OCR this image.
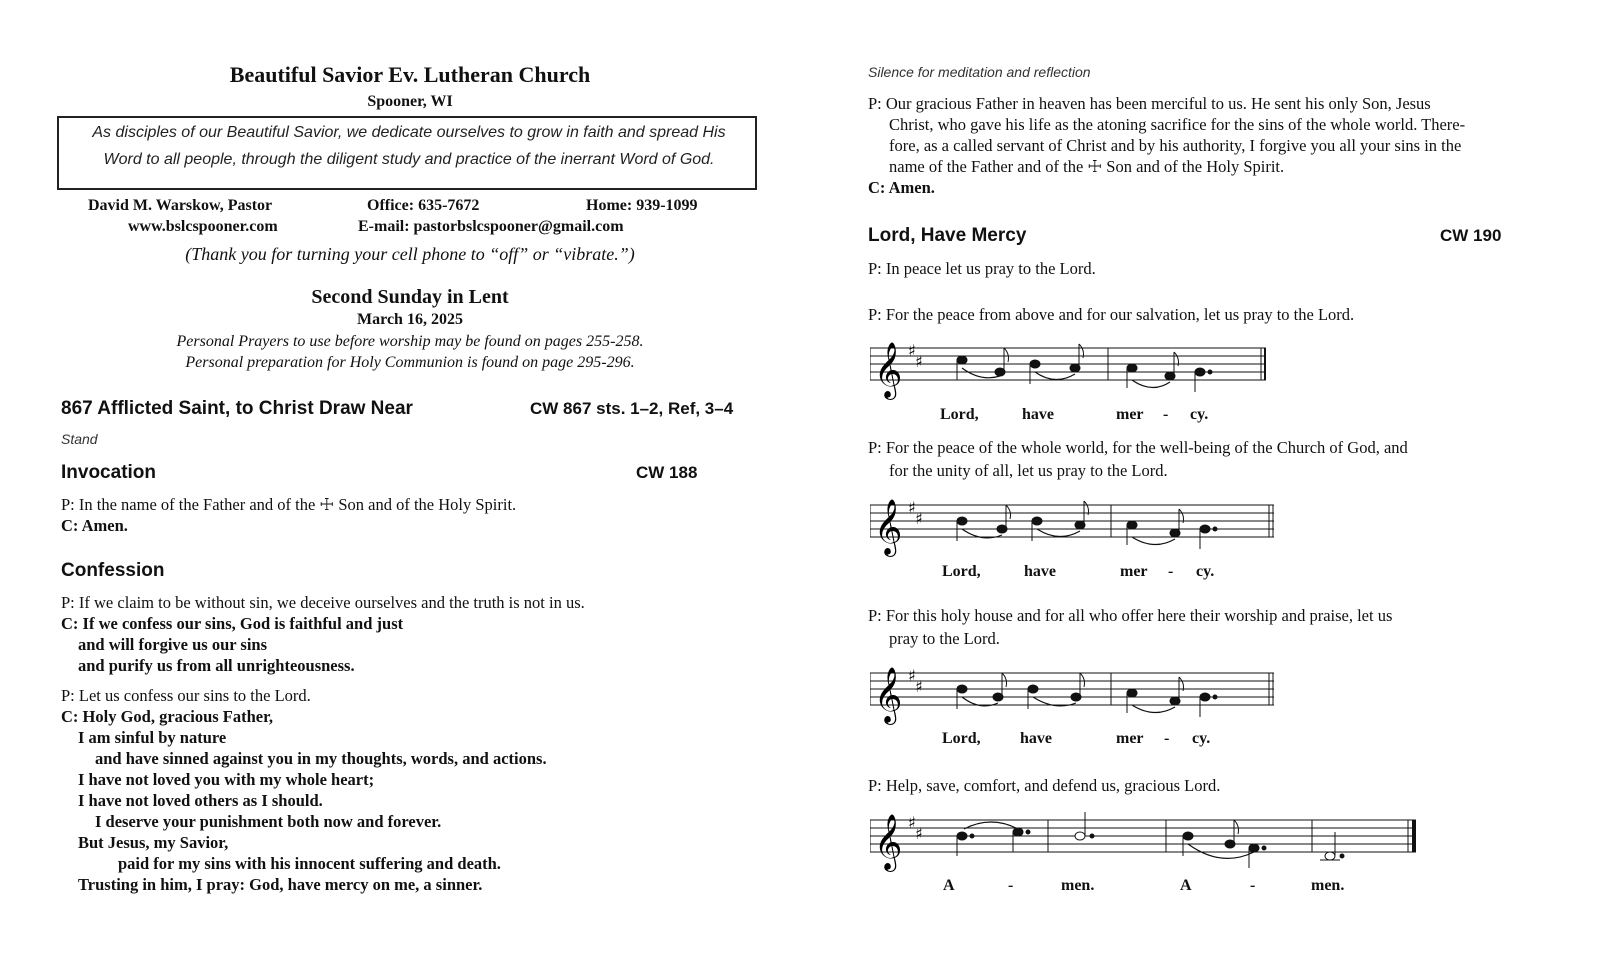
Beautiful Savior Ev. Lutheran Church
Spooner, WI
As disciples of our Beautiful Savior, we dedicate ourselves to grow in faith and spread His
Word to all people, through the diligent study and practice of the inerrant Word of God.
David M. Warskow, Pastor	Office: 635-7672	Home: 939-1099
www.bslcspooner.com	E-mail: pastorbslcspooner@gmail.com
(Thank you for turning your cell phone to “off” or “vibrate.”)
Second Sunday in Lent
March 16, 2025
Personal Prayers to use before worship may be found on pages 255-258.
Personal preparation for Holy Communion is found on page 295-296.
867 Afflicted Saint, to Christ Draw Near	CW 867 sts. 1–2, Ref, 3–4
Stand
Invocation	CW 188
P: In the name of the Father and of the ☩ Son and of the Holy Spirit.
C: Amen.
Confession
P: If we claim to be without sin, we deceive ourselves and the truth is not in us.
C: If we confess our sins, God is faithful and just
and will forgive us our sins
and purify us from all unrighteousness.
P: Let us confess our sins to the Lord.
C: Holy God, gracious Father,
I am sinful by nature
and have sinned against you in my thoughts, words, and actions.
I have not loved you with my whole heart;
I have not loved others as I should.
I deserve your punishment both now and forever.
But Jesus, my Savior,
paid for my sins with his innocent suffering and death.
Trusting in him, I pray: God, have mercy on me, a sinner.
Silence for meditation and reflection
P: Our gracious Father in heaven has been merciful to us. He sent his only Son, Jesus
Christ, who gave his life as the atoning sacrifice for the sins of the whole world. There-
fore, as a called servant of Christ and by his authority, I forgive you all your sins in the
name of the Father and of the ☩ Son and of the Holy Spirit.
C: Amen.
Lord, Have Mercy	CW 190
P: In peace let us pray to the Lord.
P: For the peace from above and for our salvation, let us pray to the Lord.
𝄞 ♯
♯
Lord,	have	mer - cy.
P: For the peace of the whole world, for the well-being of the Church of God, and
for the unity of all, let us pray to the Lord.
𝄞 ♯
♯
Lord,	have	mer - cy.
P: For this holy house and for all who offer here their worship and praise, let us
pray to the Lord.
𝄞 ♯
♯
Lord, have	mer - cy.
P: Help, save, comfort, and defend us, gracious Lord.
𝄞 ♯
♯
A	-	men.	A	-	men.
